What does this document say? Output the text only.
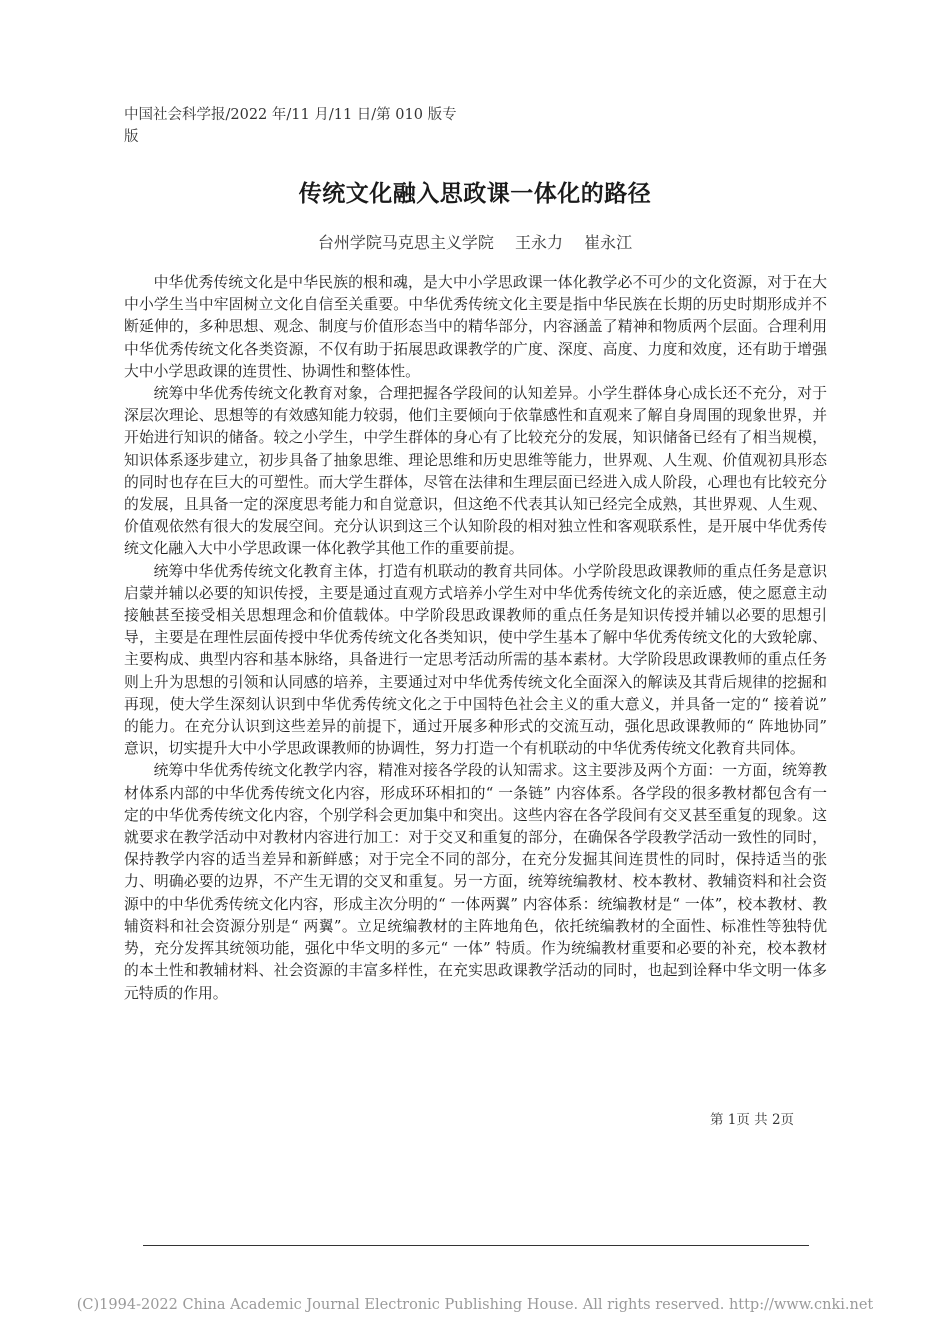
中国社会科学报/2022 年/11 月/11 日/第 010 版专版
传统文化融入思政课一体化的路径
台州学院马克思主义学院 王永力 崔永江

中华优秀传统文化是中华民族的根和魂，是大中小学思政课一体化教学必不可少的文化资源，对于在大中小学生当中牢固树立文化自信至关重要。中华优秀传统文化主要是指中华民族在长期的历史时期形成并不断延伸的，多种思想、观念、制度与价值形态当中的精华部分，内容涵盖了精神和物质两个层面。合理利用中华优秀传统文化各类资源，不仅有助于拓展思政课教学的广度、深度、高度、力度和效度，还有助于增强大中小学思政课的连贯性、协调性和整体性。

统筹中华优秀传统文化教育对象，合理把握各学段间的认知差异。小学生群体身心成长还不充分，对于深层次理论、思想等的有效感知能力较弱，他们主要倾向于依靠感性和直观来了解自身周围的现象世界，并开始进行知识的储备。较之小学生，中学生群体的身心有了比较充分的发展，知识储备已经有了相当规模，知识体系逐步建立，初步具备了抽象思维、理论思维和历史思维等能力，世界观、人生观、价值观初具形态的同时也存在巨大的可塑性。而大学生群体，尽管在法律和生理层面已经进入成人阶段，心理也有比较充分的发展，且具备一定的深度思考能力和自觉意识，但这绝不代表其认知已经完全成熟，其世界观、人生观、价值观依然有很大的发展空间。充分认识到这三个认知阶段的相对独立性和客观联系性，是开展中华优秀传统文化融入大中小学思政课一体化教学其他工作的重要前提。

统筹中华优秀传统文化教育主体，打造有机联动的教育共同体。小学阶段思政课教师的重点任务是意识启蒙并辅以必要的知识传授，主要是通过直观方式培养小学生对中华优秀传统文化的亲近感，使之愿意主动接触甚至接受相关思想理念和价值载体。中学阶段思政课教师的重点任务是知识传授并辅以必要的思想引导，主要是在理性层面传授中华优秀传统文化各类知识，使中学生基本了解中华优秀传统文化的大致轮廓、主要构成、典型内容和基本脉络，具备进行一定思考活动所需的基本素材。大学阶段思政课教师的重点任务则上升为思想的引领和认同感的培养，主要通过对中华优秀传统文化全面深入的解读及其背后规律的挖掘和再现，使大学生深刻认识到中华优秀传统文化之于中国特色社会主义的重大意义，并具备一定的“ 接着说” 的能力。在充分认识到这些差异的前提下，通过开展多种形式的交流互动，强化思政课教师的“ 阵地协同” 意识，切实提升大中小学思政课教师的协调性，努力打造一个有机联动的中华优秀传统文化教育共同体。

统筹中华优秀传统文化教学内容，精准对接各学段的认知需求。这主要涉及两个方面：一方面，统筹教材体系内部的中华优秀传统文化内容，形成环环相扣的“ 一条链” 内容体系。各学段的很多教材都包含有一定的中华优秀传统文化内容，个别学科会更加集中和突出。这些内容在各学段间有交叉甚至重复的现象。这就要求在教学活动中对教材内容进行加工：对于交叉和重复的部分，在确保各学段教学活动一致性的同时，保持教学内容的适当差异和新鲜感；对于完全不同的部分，在充分发掘其间连贯性的同时，保持适当的张力、明确必要的边界，不产生无谓的交叉和重复。另一方面，统筹统编教材、校本教材、教辅资料和社会资源中的中华优秀传统文化内容，形成主次分明的“ 一体两翼” 内容体系：统编教材是“ 一体”，校本教材、教辅资料和社会资源分别是“ 两翼”。立足统编教材的主阵地角色，依托统编教材的全面性、标准性等独特优势，充分发挥其统领功能，强化中华文明的多元“ 一体” 特质。作为统编教材重要和必要的补充，校本教材的本土性和教辅材料、社会资源的丰富多样性，在充实思政课教学活动的同时，也起到诠释中华文明一体多元特质的作用。

第 1页 共 2页
(C)1994-2022 China Academic Journal Electronic Publishing House. All rights reserved. http://www.cnki.net
